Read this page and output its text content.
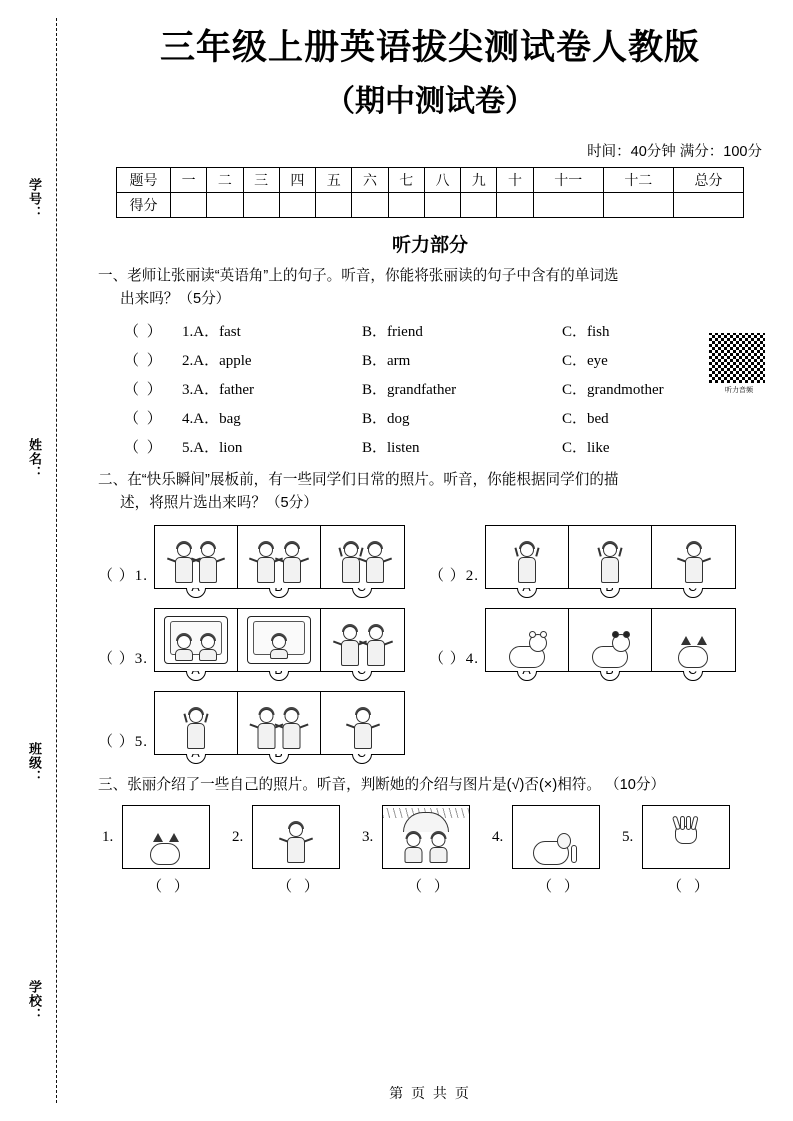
学号：
姓名：
班级：
学校：
三年级上册英语拔尖测试卷人教版
（期中测试卷）
时间：40分钟 满分：100分
题号	一	二	三	四	五	六	七	八	九	十	十一	十二	总分
得分													
听力部分
一、老师让张丽读“英语角”上的句子。听音，你能将张丽读的句子中含有的单词选
出来吗？（5分）
听力音频
（ ）	1.A．fast	B．friend	C．fish
（ ）	2.A．apple	B．arm	C．eye
（ ）	3.A．father	B．grandfather	C．grandmother
（ ）	4.A．bag	B．dog	C．bed
（ ）	5.A．lion	B．listen	C．like
二、在“快乐瞬间”展板前，有一些同学们日常的照片。听音，你能根据同学们的描
述，将照片选出来吗？（5分）
（ ）1.	（ ）2.
（ ）3.	（ ）4.
（ ）5.
三、张丽介绍了一些自己的照片。听音，判断她的介绍与图片是(√)否(×)相符。 （10分）
1.
（ ）
2.
（ ）
3.
（ ）
4.
（ ）
5.
（ ）
第 页 共 页
